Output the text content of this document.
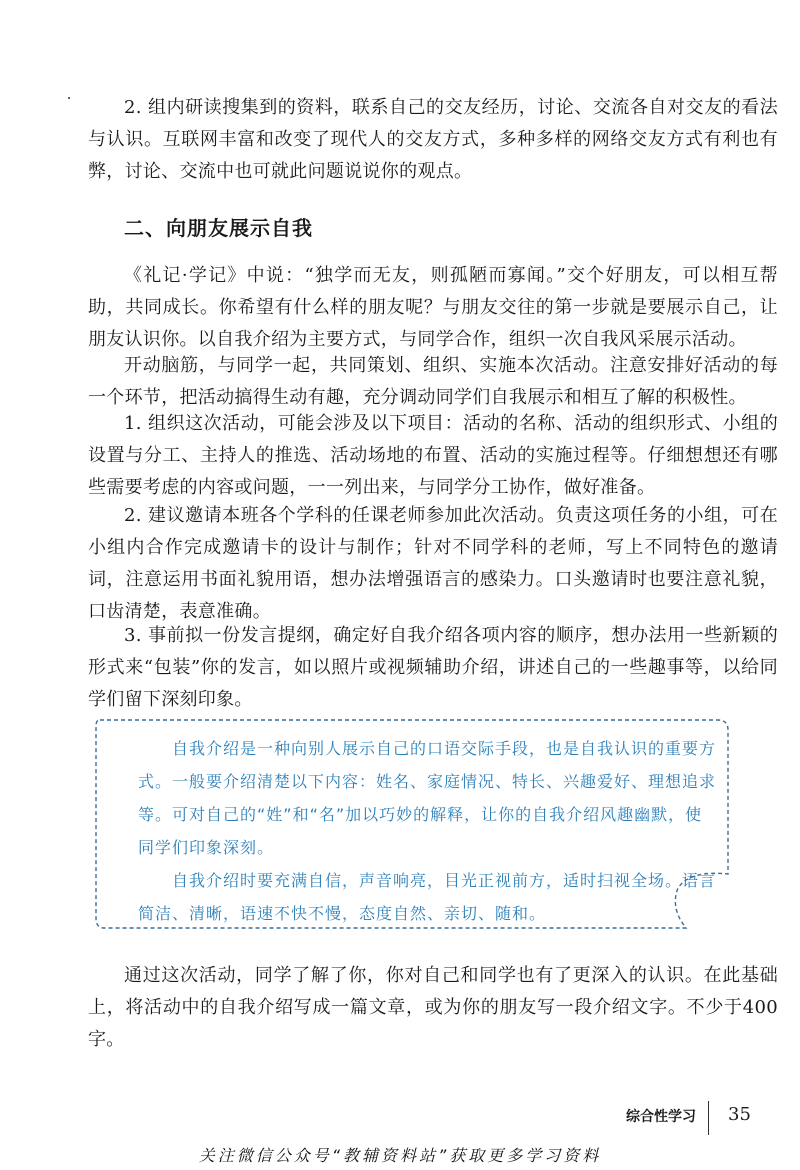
2. 组内研读搜集到的资料，联系自己的交友经历，讨论、交流各自对交友的看法与认识。互联网丰富和改变了现代人的交友方式，多种多样的网络交友方式有利也有弊，讨论、交流中也可就此问题说说你的观点。

二、向朋友展示自我

《礼记·学记》中说：“独学而无友，则孤陋而寡闻。”交个好朋友，可以相互帮助，共同成长。你希望有什么样的朋友呢？与朋友交往的第一步就是要展示自己，让朋友认识你。以自我介绍为主要方式，与同学合作，组织一次自我风采展示活动。

开动脑筋，与同学一起，共同策划、组织、实施本次活动。注意安排好活动的每一个环节，把活动搞得生动有趣，充分调动同学们自我展示和相互了解的积极性。

1. 组织这次活动，可能会涉及以下项目：活动的名称、活动的组织形式、小组的设置与分工、主持人的推选、活动场地的布置、活动的实施过程等。仔细想想还有哪些需要考虑的内容或问题，一一列出来，与同学分工协作，做好准备。

2. 建议邀请本班各个学科的任课老师参加此次活动。负责这项任务的小组，可在小组内合作完成邀请卡的设计与制作；针对不同学科的老师，写上不同特色的邀请词，注意运用书面礼貌用语，想办法增强语言的感染力。口头邀请时也要注意礼貌，口齿清楚，表意准确。

3. 事前拟一份发言提纲，确定好自我介绍各项内容的顺序，想办法用一些新颖的形式来“包装”你的发言，如以照片或视频辅助介绍，讲述自己的一些趣事等，以给同学们留下深刻印象。

自我介绍是一种向别人展示自己的口语交际手段，也是自我认识的重要方式。一般要介绍清楚以下内容：姓名、家庭情况、特长、兴趣爱好、理想追求等。可对自己的“姓”和“名”加以巧妙的解释，让你的自我介绍风趣幽默，使同学们印象深刻。

自我介绍时要充满自信，声音响亮，目光正视前方，适时扫视全场。语言简洁、清晰，语速不快不慢，态度自然、亲切、随和。

通过这次活动，同学了解了你，你对自己和同学也有了更深入的认识。在此基础上，将活动中的自我介绍写成一篇文章，或为你的朋友写一段介绍文字。不少于400字。

综合性学习 35
关注微信公众号“教辅资料站”获取更多学习资料
